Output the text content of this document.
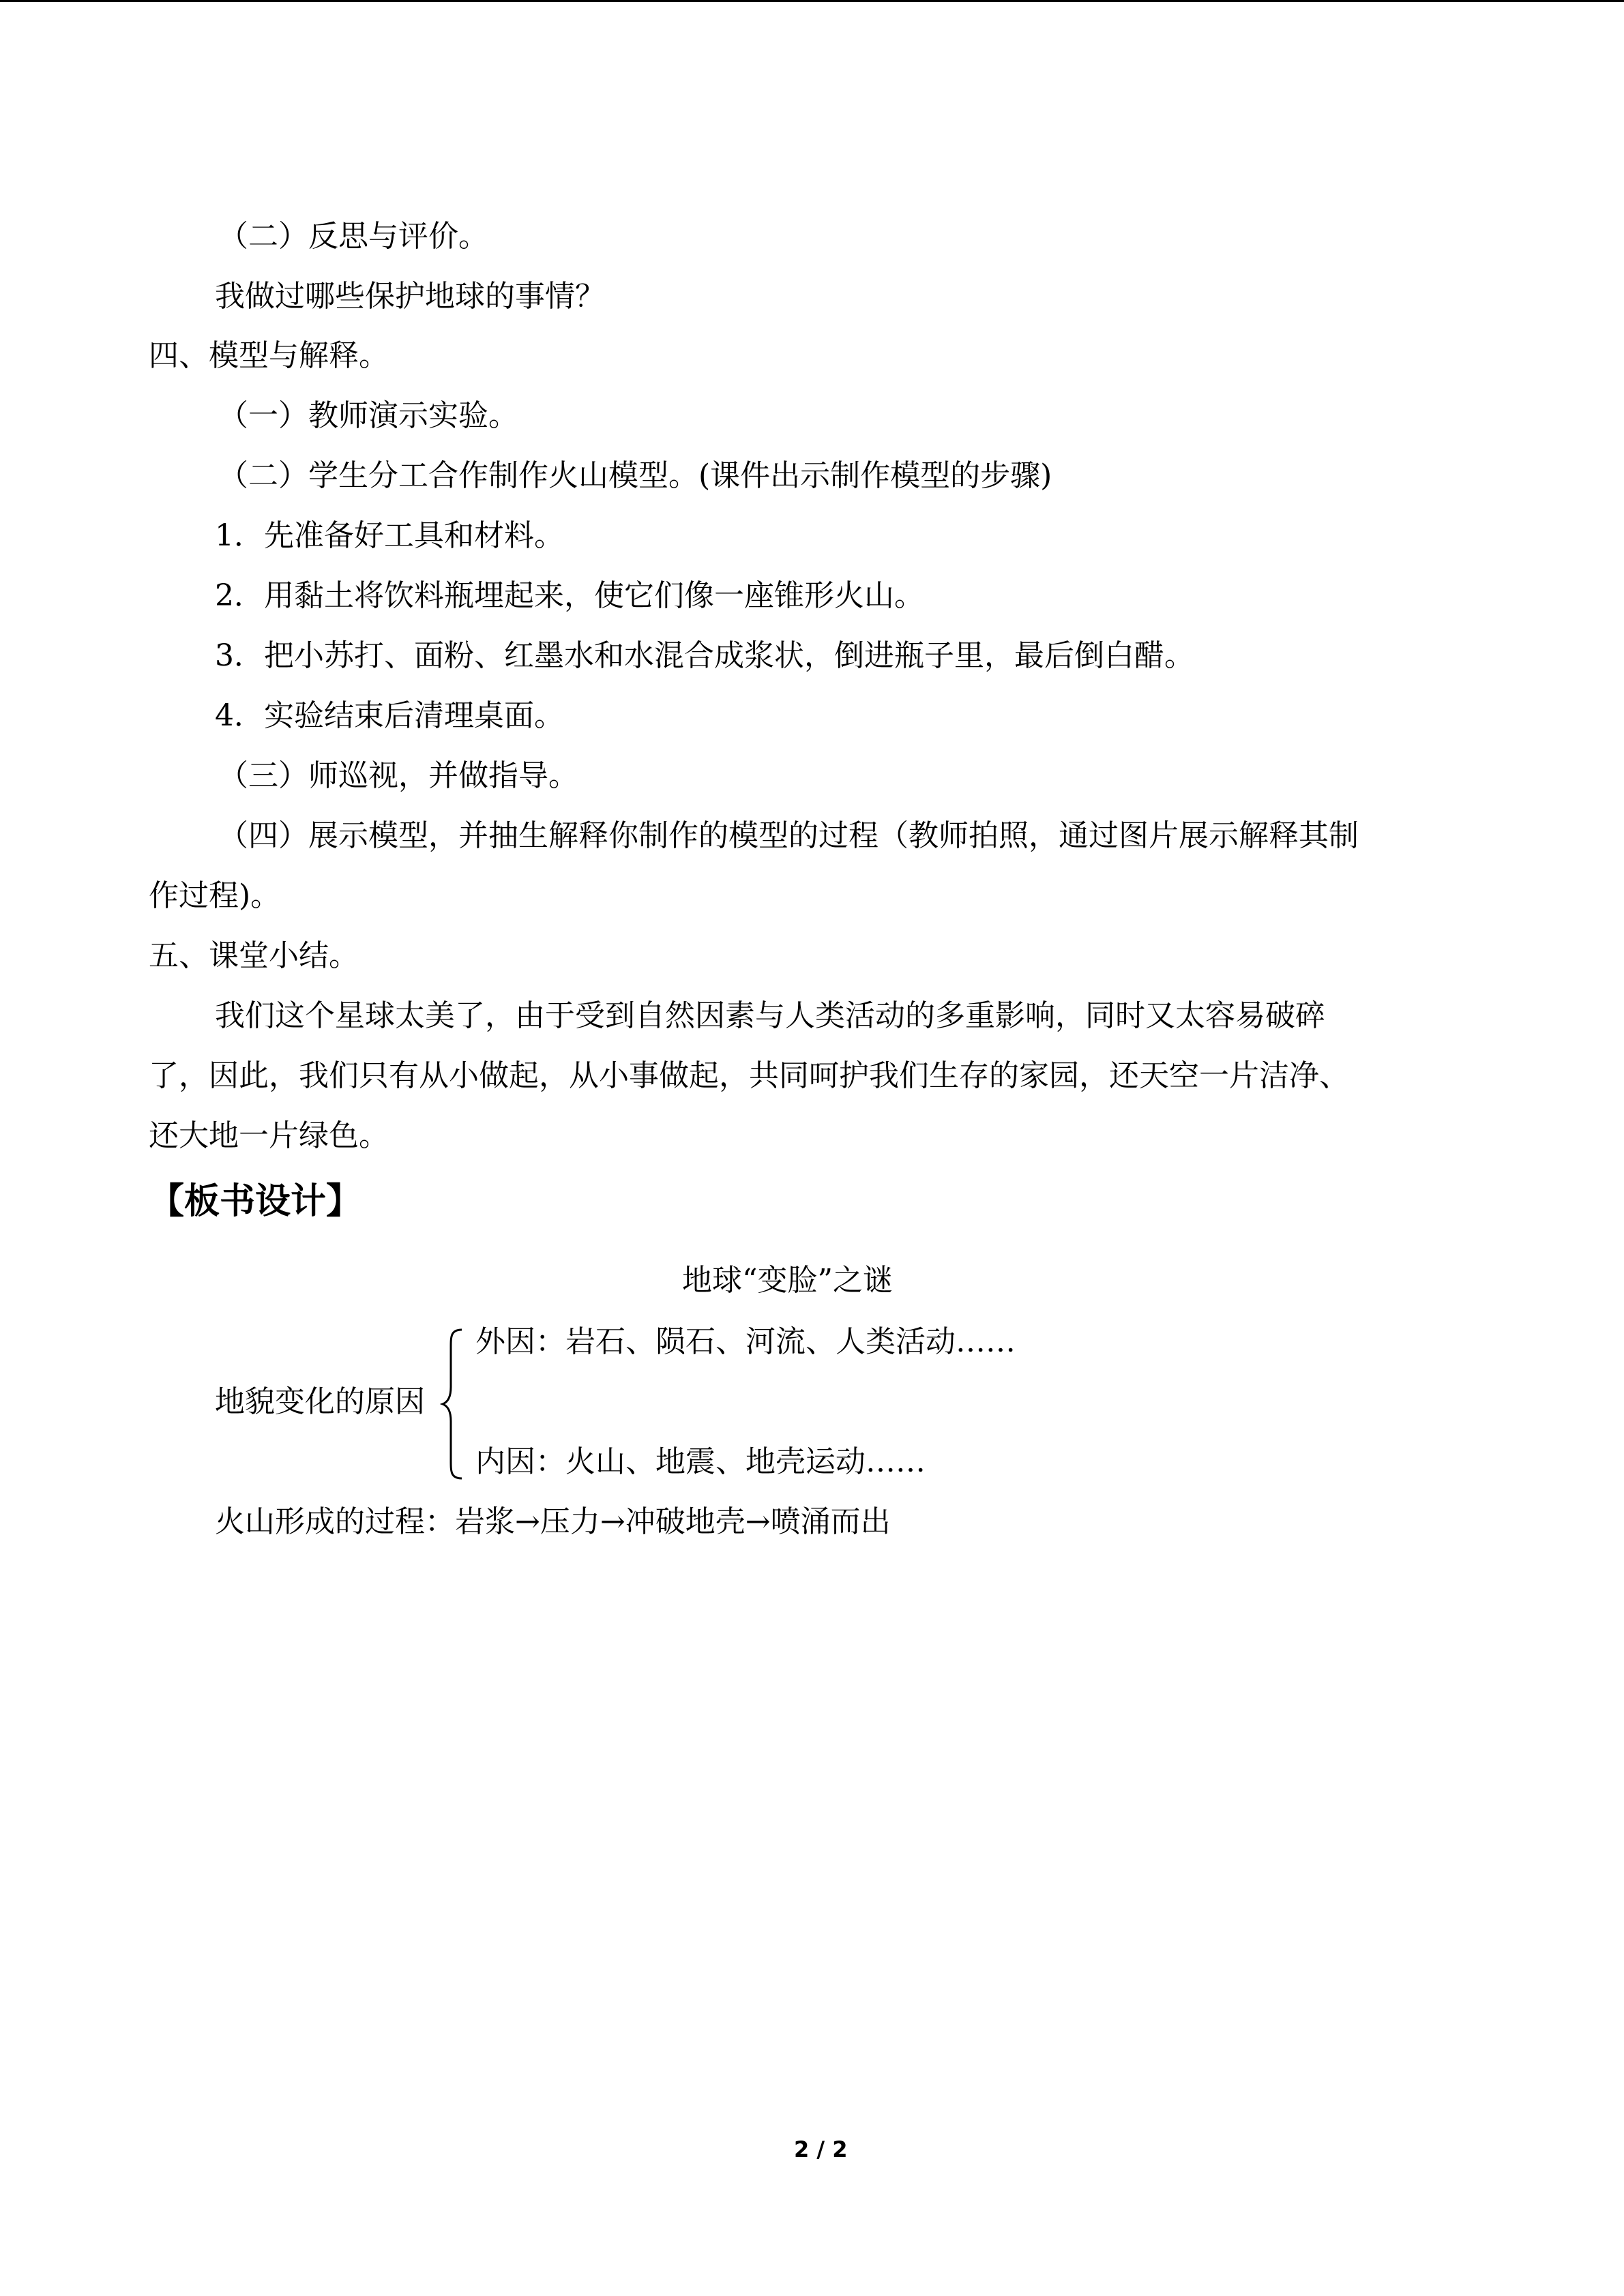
（二）反思与评价。
我做过哪些保护地球的事情？
四、模型与解释。
（一）教师演示实验。
（二）学生分工合作制作火山模型。(课件出示制作模型的步骤)
1．先准备好工具和材料。
2．用黏土将饮料瓶埋起来，使它们像一座锥形火山。
3．把小苏打、面粉、红墨水和水混合成浆状，倒进瓶子里，最后倒白醋。
4．实验结束后清理桌面。
（三）师巡视，并做指导。
（四）展示模型，并抽生解释你制作的模型的过程（教师拍照，通过图片展示解释其制
作过程)。
五、课堂小结。
我们这个星球太美了，由于受到自然因素与人类活动的多重影响，同时又太容易破碎
了，因此，我们只有从小做起，从小事做起，共同呵护我们生存的家园，还天空一片洁净、
还大地一片绿色。
【板书设计】
地球“变脸”之谜
外因：岩石、陨石、河流、人类活动……
地貌变化的原因
内因：火山、地震、地壳运动……
火山形成的过程：岩浆→压力→冲破地壳→喷涌而出
2 / 2
